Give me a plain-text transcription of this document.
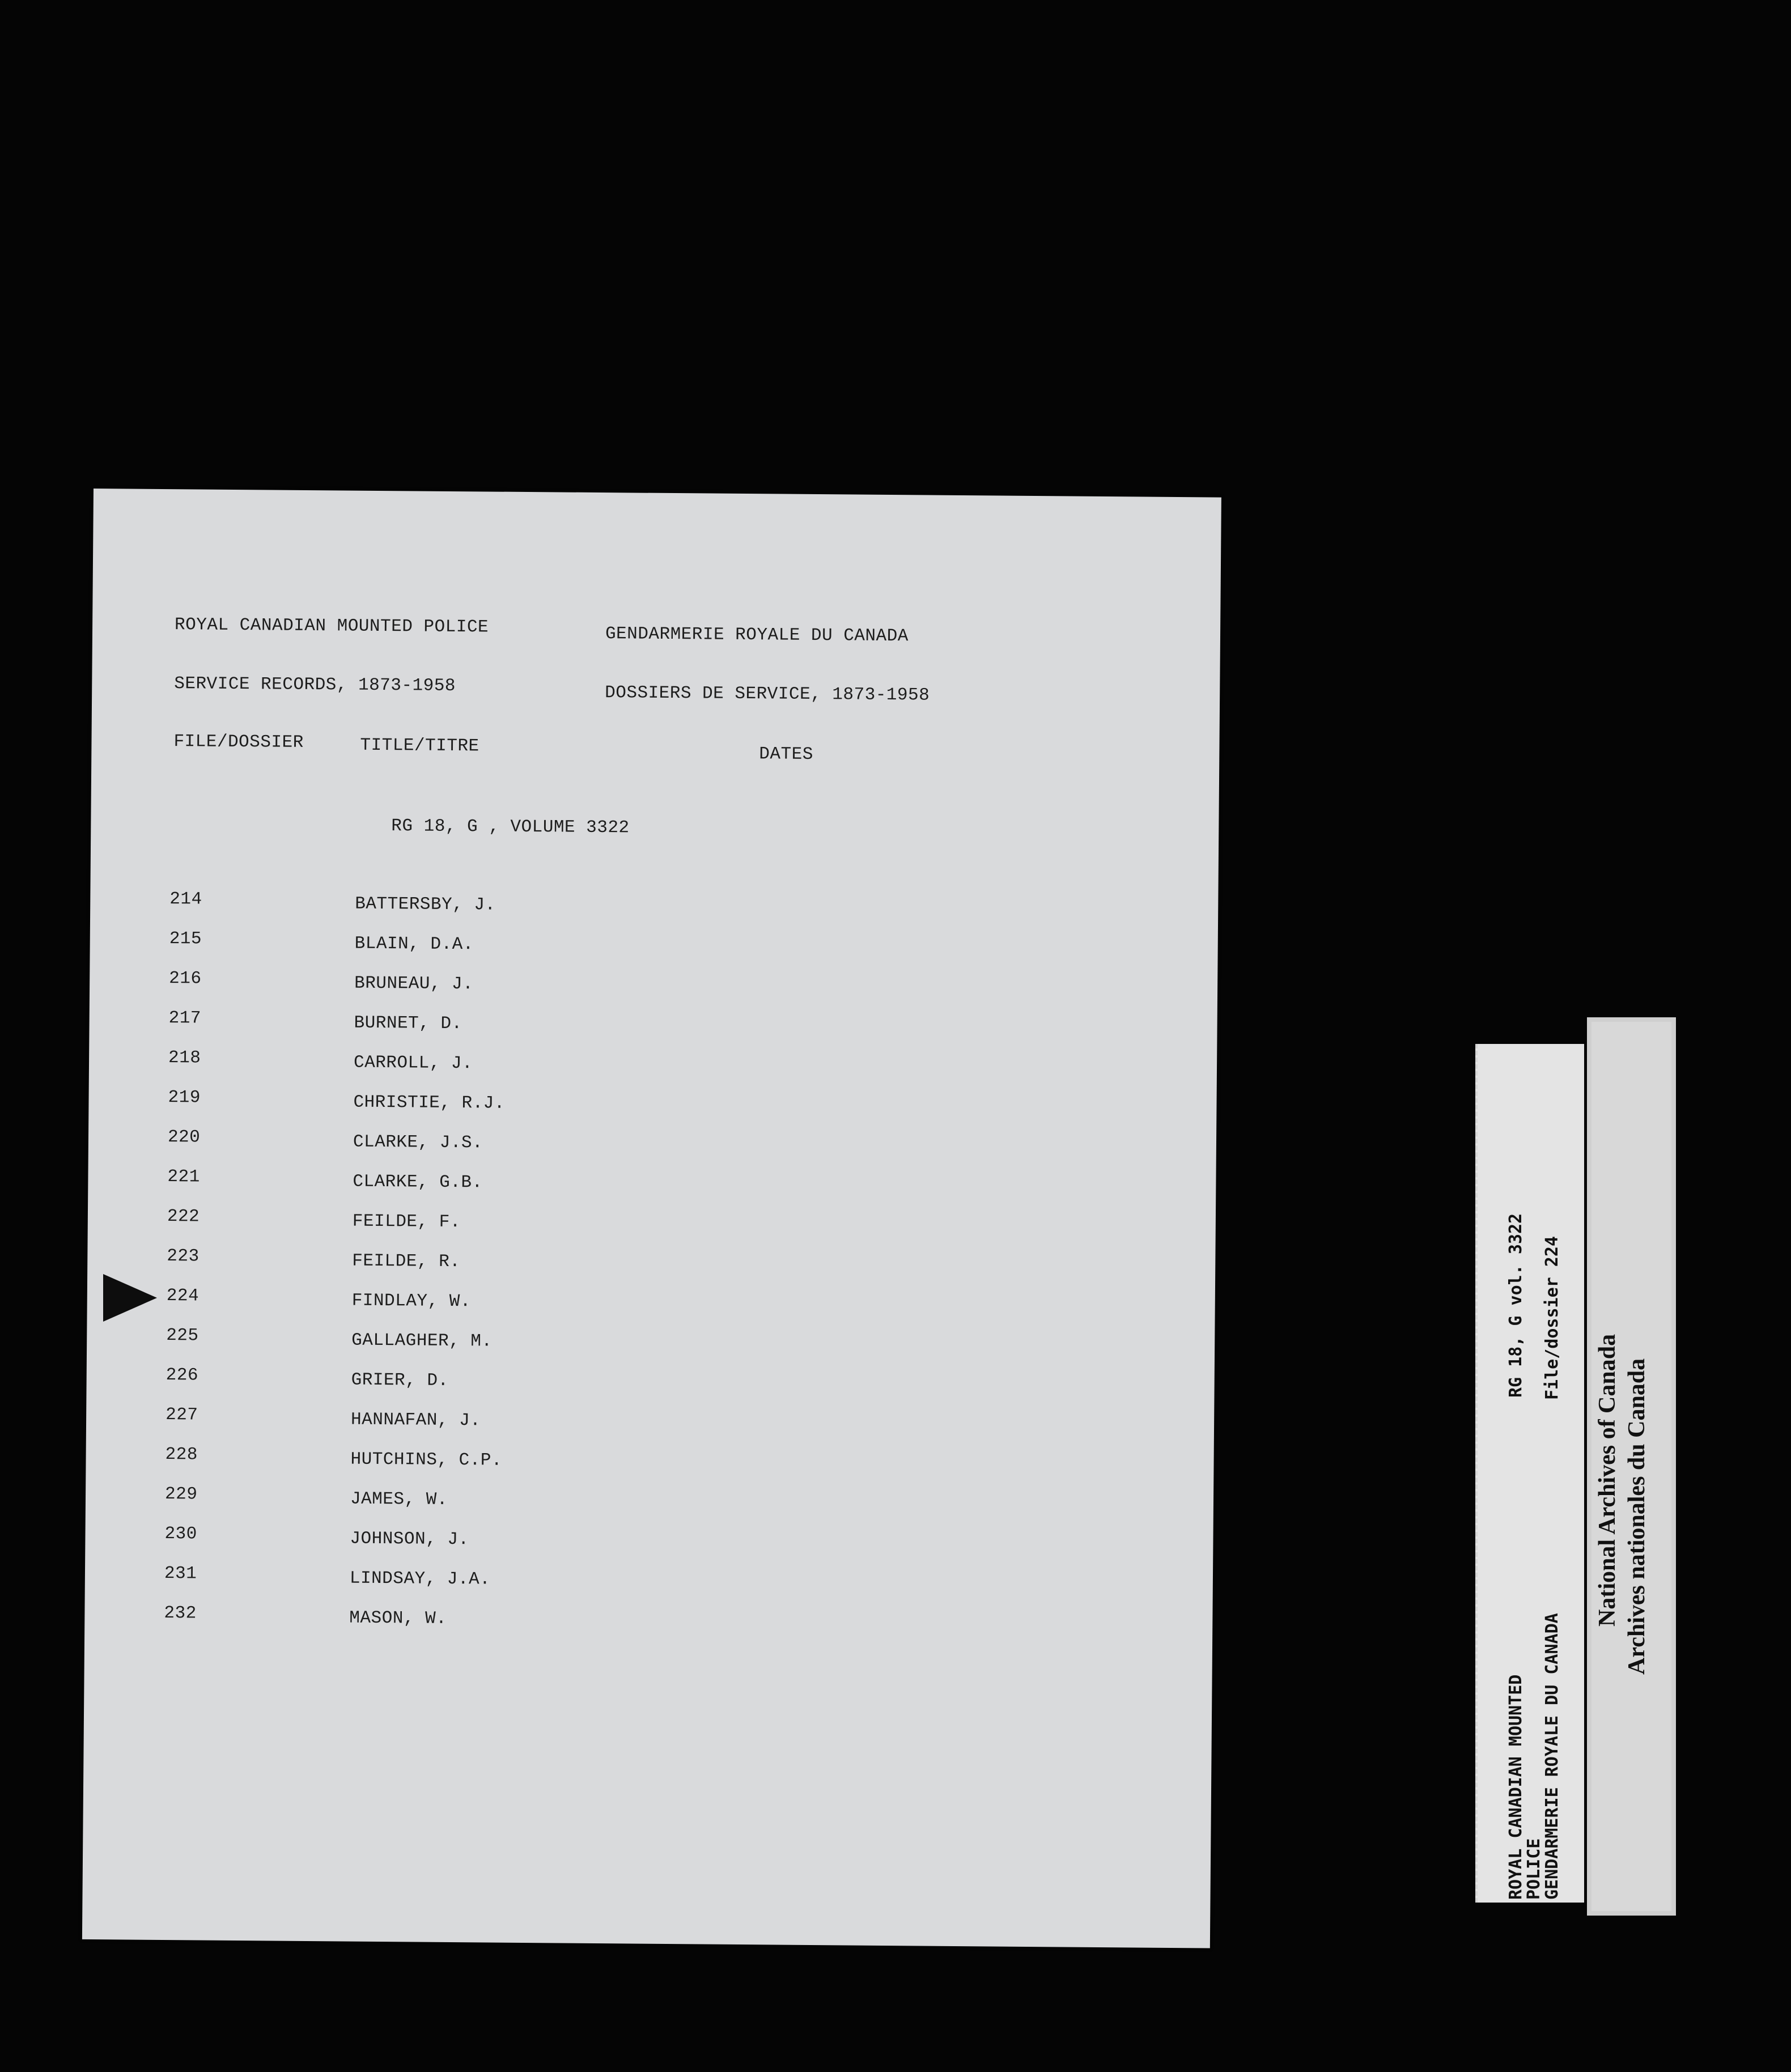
ROYAL CANADIAN MOUNTED POLICE	GENDARMERIE ROYALE DU CANADA
SERVICE RECORDS, 1873-1958	DOSSIERS DE SERVICE, 1873-1958
FILE/DOSSIER	TITLE/TITRE	DATES
RG 18, G , VOLUME 3322
214	BATTERSBY, J.
215	BLAIN, D.A.
216	BRUNEAU, J.
217	BURNET, D.
218	CARROLL, J.
219	CHRISTIE, R.J.
220	CLARKE, J.S.
221	CLARKE, G.B.
222	FEILDE, F.
223	FEILDE, R.
224	FINDLAY, W.
225	GALLAGHER, M.
226	GRIER, D.
227	HANNAFAN, J.
228	HUTCHINS, C.P.
229	JAMES, W.
230	JOHNSON, J.
231	LINDSAY, J.A.
232	MASON, W.
ROYAL CANADIAN MOUNTED
POLICE
GENDARMERIE ROYALE DU CANADA
RG 18, G vol. 3322 File/dossier 224
National Archives of Canada Archives nationales du Canada
